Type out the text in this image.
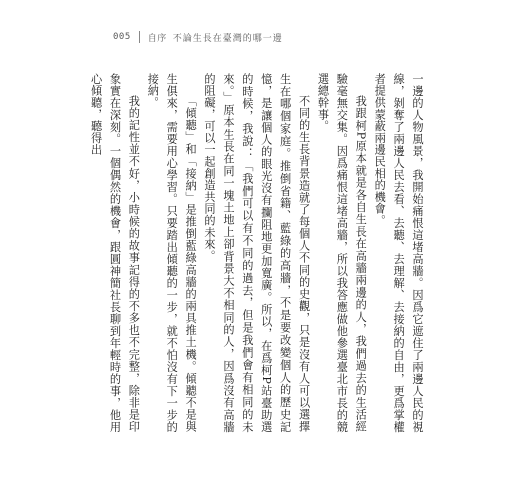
005 自序 不論生長在臺灣的哪一邊

一邊的人物風景，我開始痛恨這堵高牆。因爲它遮住了兩邊人民的視線，剝奪了兩邊人民去看、去聽、去理解、去接納的自由，更爲掌權者提供蒙蔽兩邊民相的機會。

我跟柯P原本就是各自生長在高牆兩邊的人，我們過去的生活經驗毫無交集。因爲痛恨這堵高牆，所以我答應做他參選臺北市長的競選總幹事。

不同的生長背景造就了每個人不同的史觀，只是沒有人可以選擇生在哪個家庭。推倒省籍、藍綠的高牆，不是要改變個人的歷史記憶，是讓個人的眼光沒有攔阻地更加寬廣。所以，在爲柯P站臺助選的時候，我說：「我們可以有不同的過去，但是我們會有相同的未來。」原本生長在同一塊土地上卻背景大不相同的人，因爲沒有高牆的阻礙，可以一起創造共同的未來。

「傾聽」和「接納」是推倒藍綠高牆的兩具推土機。傾聽不是與生俱來，需要用心學習。只要踏出傾聽的一步，就不怕沒有下一步的接納。

我的記性並不好，小時候的故事記得的不多也不完整，除非是印象實在深刻。一個偶然的機會，跟圓神簡社長聊到年輕時的事，他用心傾聽，聽得出
